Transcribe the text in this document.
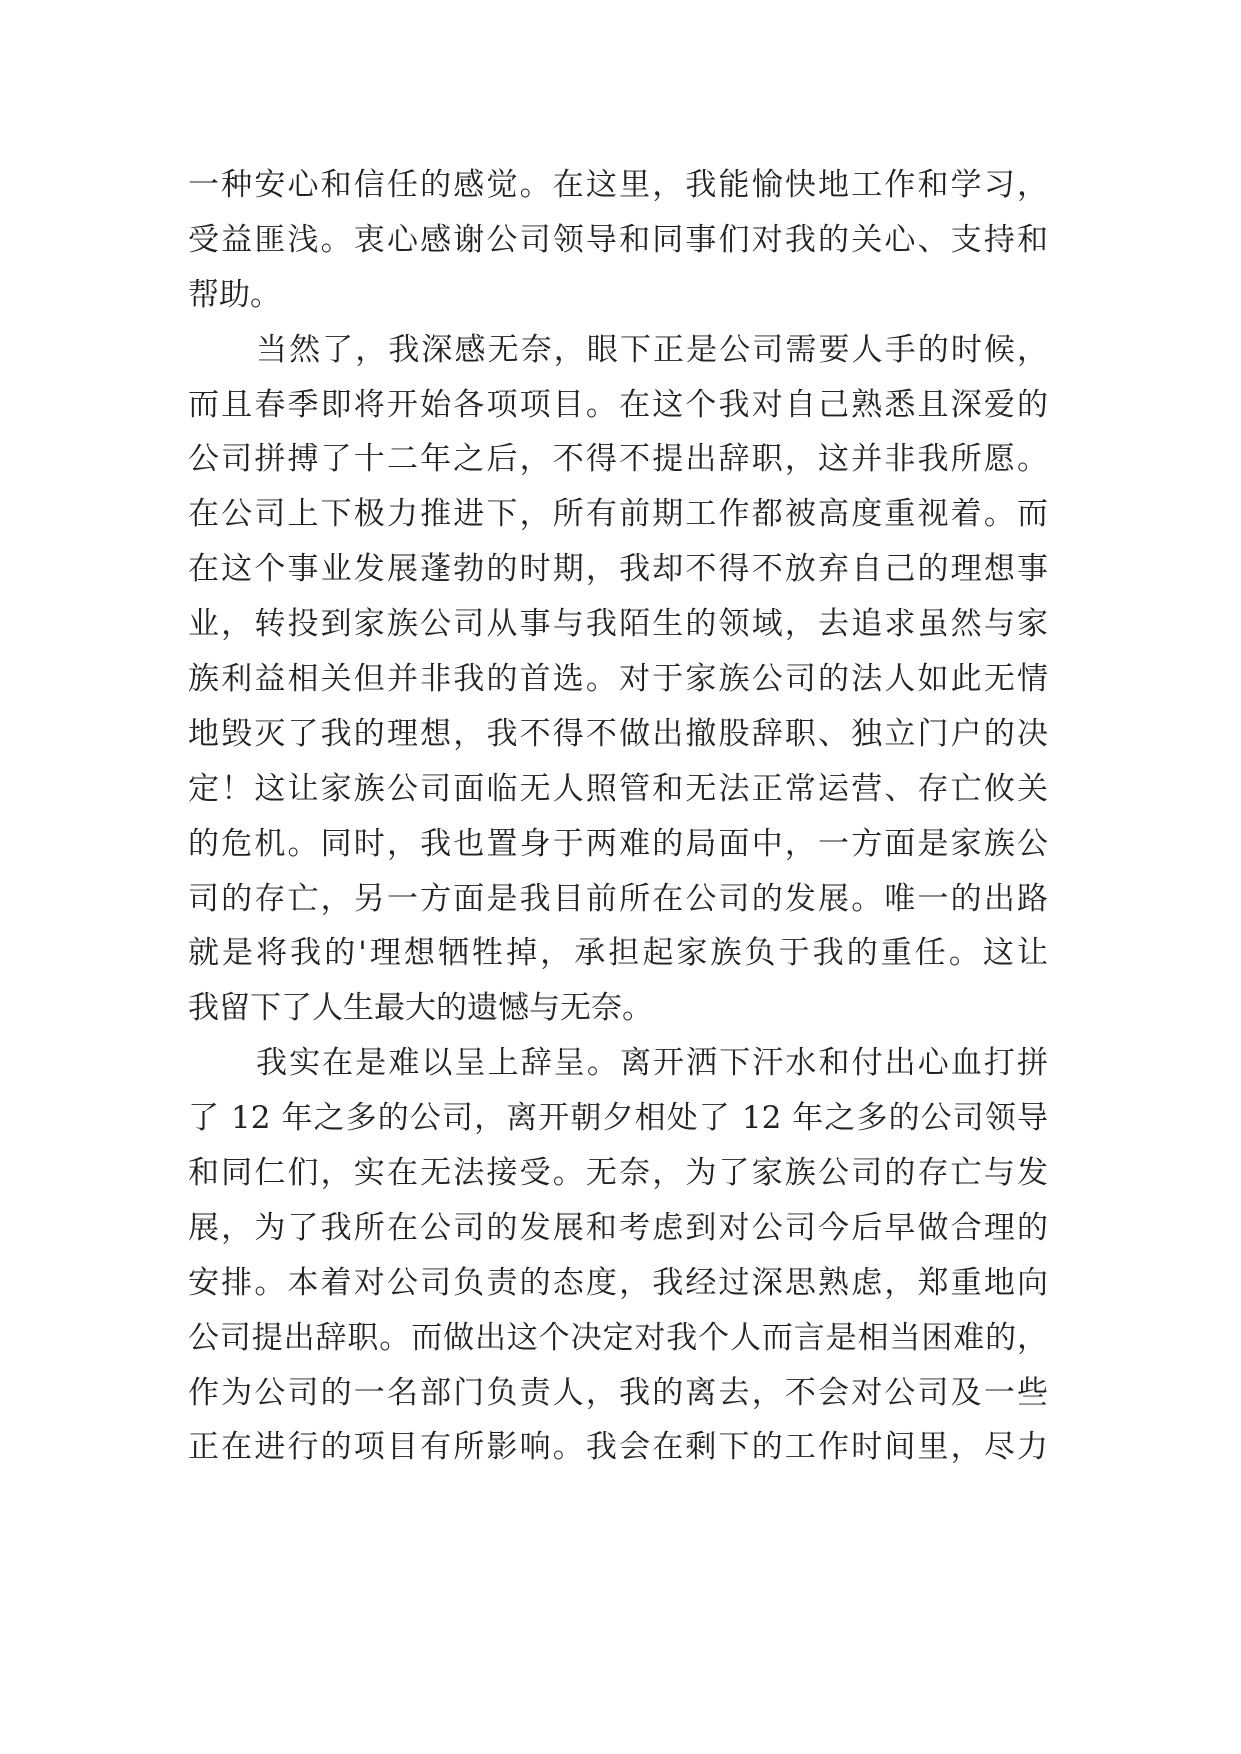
一种安心和信任的感觉。在这里，我能愉快地工作和学习，
受益匪浅。衷心感谢公司领导和同事们对我的关心、支持和
帮助。
当然了，我深感无奈，眼下正是公司需要人手的时候，
而且春季即将开始各项项目。在这个我对自己熟悉且深爱的
公司拼搏了十二年之后，不得不提出辞职，这并非我所愿。
在公司上下极力推进下，所有前期工作都被高度重视着。而
在这个事业发展蓬勃的时期，我却不得不放弃自己的理想事
业，转投到家族公司从事与我陌生的领域，去追求虽然与家
族利益相关但并非我的首选。对于家族公司的法人如此无情
地毁灭了我的理想，我不得不做出撤股辞职、独立门户的决
定！这让家族公司面临无人照管和无法正常运营、存亡攸关
的危机。同时，我也置身于两难的局面中，一方面是家族公
司的存亡，另一方面是我目前所在公司的发展。唯一的出路
就是将我的'理想牺牲掉，承担起家族负于我的重任。这让
我留下了人生最大的遗憾与无奈。
我实在是难以呈上辞呈。离开洒下汗水和付出心血打拼
了 12 年之多的公司，离开朝夕相处了 12 年之多的公司领导
和同仁们，实在无法接受。无奈，为了家族公司的存亡与发
展，为了我所在公司的发展和考虑到对公司今后早做合理的
安排。本着对公司负责的态度，我经过深思熟虑，郑重地向
公司提出辞职。而做出这个决定对我个人而言是相当困难的，
作为公司的一名部门负责人，我的离去，不会对公司及一些
正在进行的项目有所影响。我会在剩下的工作时间里，尽力
